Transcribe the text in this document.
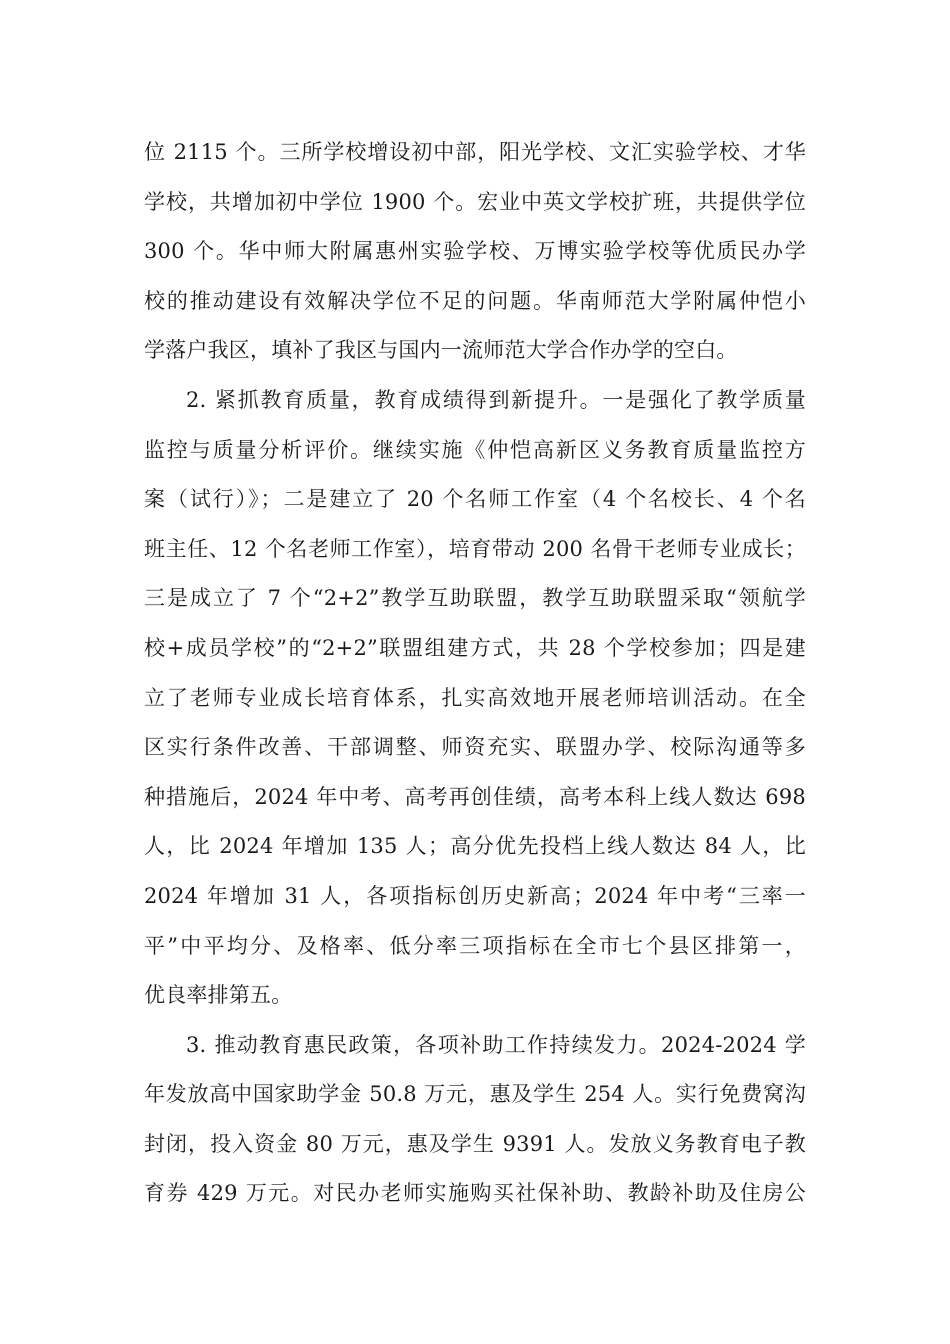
位 2115 个。三所学校增设初中部，阳光学校、文汇实验学校、才华
学校，共增加初中学位 1900 个。宏业中英文学校扩班，共提供学位
300 个。华中师大附属惠州实验学校、万博实验学校等优质民办学
校的推动建设有效解决学位不足的问题。华南师范大学附属仲恺小
学落户我区，填补了我区与国内一流师范大学合作办学的空白。
2. 紧抓教育质量，教育成绩得到新提升。一是强化了教学质量
监控与质量分析评价。继续实施《仲恺高新区义务教育质量监控方
案（试行）》；二是建立了 20 个名师工作室（4 个名校长、4 个名
班主任、12 个名老师工作室），培育带动 200 名骨干老师专业成长；
三是成立了 7 个“2+2”教学互助联盟，教学互助联盟采取“领航学
校+成员学校”的“2+2”联盟组建方式，共 28 个学校参加；四是建
立了老师专业成长培育体系，扎实高效地开展老师培训活动。在全
区实行条件改善、干部调整、师资充实、联盟办学、校际沟通等多
种措施后，2024 年中考、高考再创佳绩，高考本科上线人数达 698
人，比 2024 年增加 135 人；高分优先投档上线人数达 84 人，比
2024 年增加 31 人，各项指标创历史新高；2024 年中考“三率一
平”中平均分、及格率、低分率三项指标在全市七个县区排第一，
优良率排第五。
3. 推动教育惠民政策，各项补助工作持续发力。2024-2024 学
年发放高中国家助学金 50.8 万元，惠及学生 254 人。实行免费窝沟
封闭，投入资金 80 万元，惠及学生 9391 人。发放义务教育电子教
育券 429 万元。对民办老师实施购买社保补助、教龄补助及住房公
